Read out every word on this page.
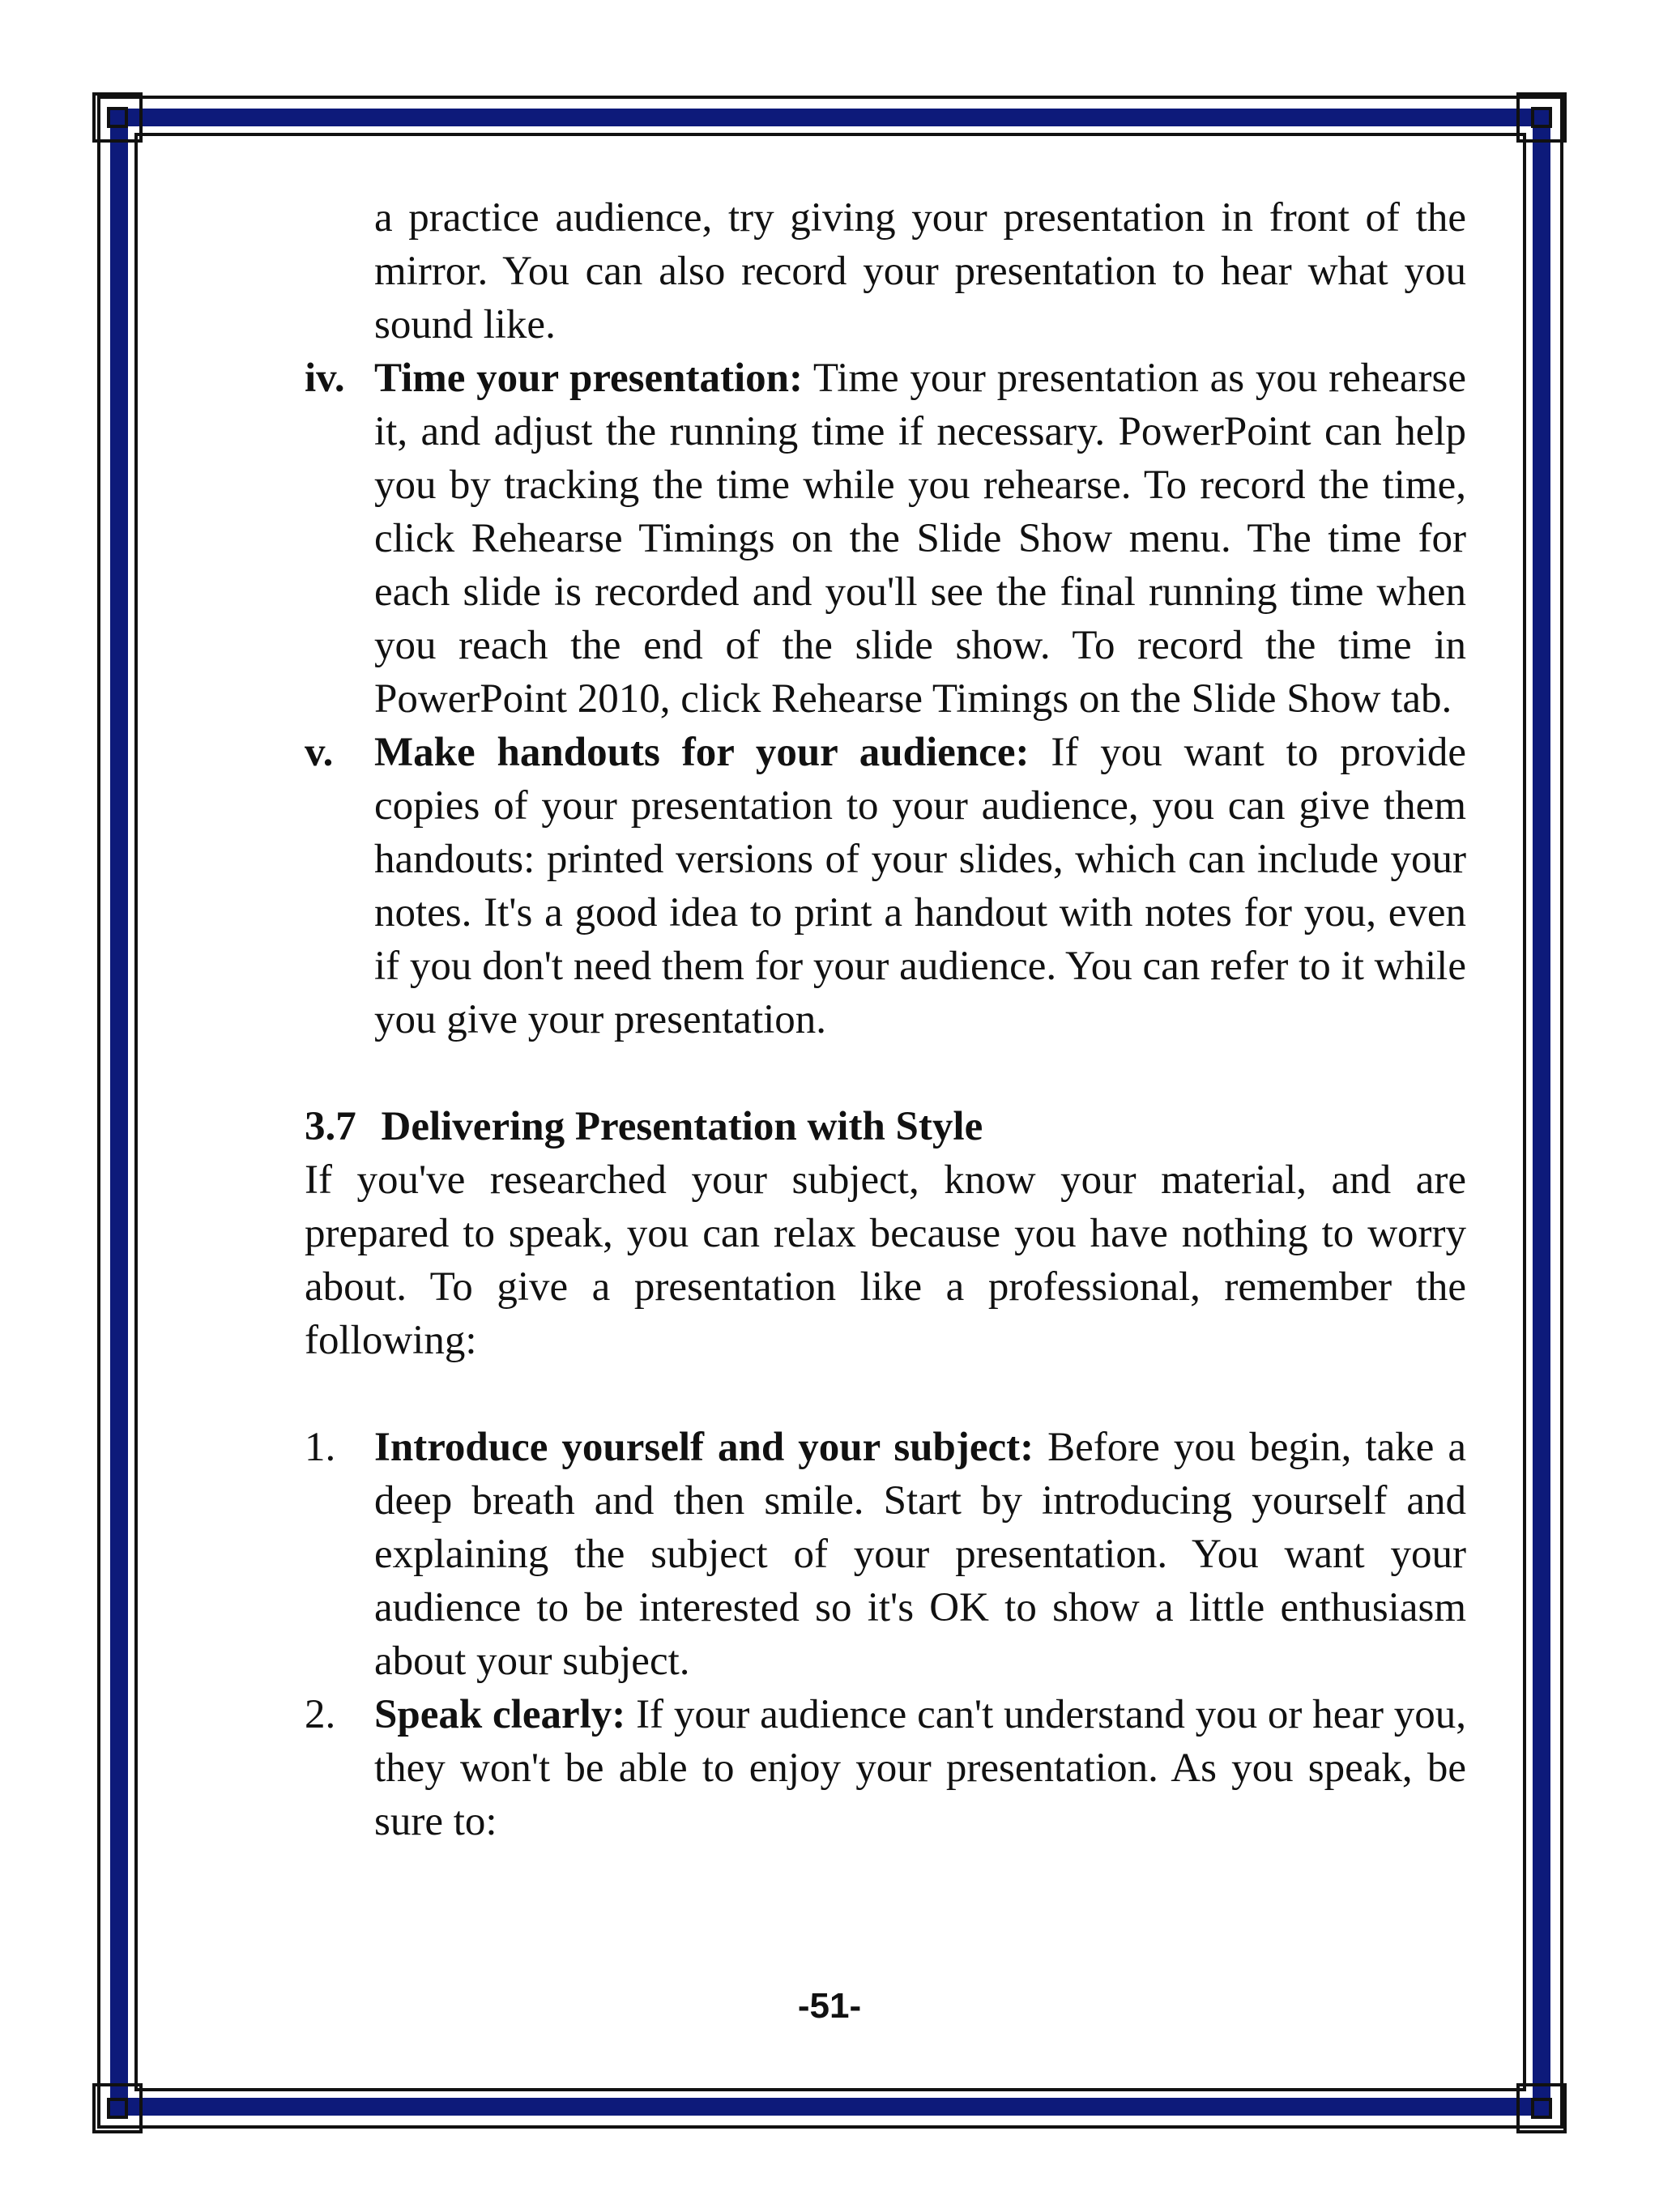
a practice audience, try giving your presentation in front of the mirror. You can also record your presentation to hear what you sound like.
iv. Time your presentation: Time your presentation as you rehearse it, and adjust the running time if necessary. PowerPoint can help you by tracking the time while you rehearse. To record the time, click Rehearse Timings on the Slide Show menu. The time for each slide is recorded and you'll see the final running time when you reach the end of the slide show. To record the time in PowerPoint 2010, click Rehearse Timings on the Slide Show tab.
v. Make handouts for your audience: If you want to provide copies of your presentation to your audience, you can give them handouts: printed versions of your slides, which can include your notes. It's a good idea to print a handout with notes for you, even if you don't need them for your audience. You can refer to it while you give your presentation.
3.7 Delivering Presentation with Style
If you've researched your subject, know your material, and are prepared to speak, you can relax because you have nothing to worry about. To give a presentation like a professional, remember the following:
1. Introduce yourself and your subject: Before you begin, take a deep breath and then smile. Start by introducing yourself and explaining the subject of your presentation. You want your audience to be interested so it's OK to show a little enthusiasm about your subject.
2. Speak clearly: If your audience can't understand you or hear you, they won't be able to enjoy your presentation. As you speak, be sure to:
-51-
